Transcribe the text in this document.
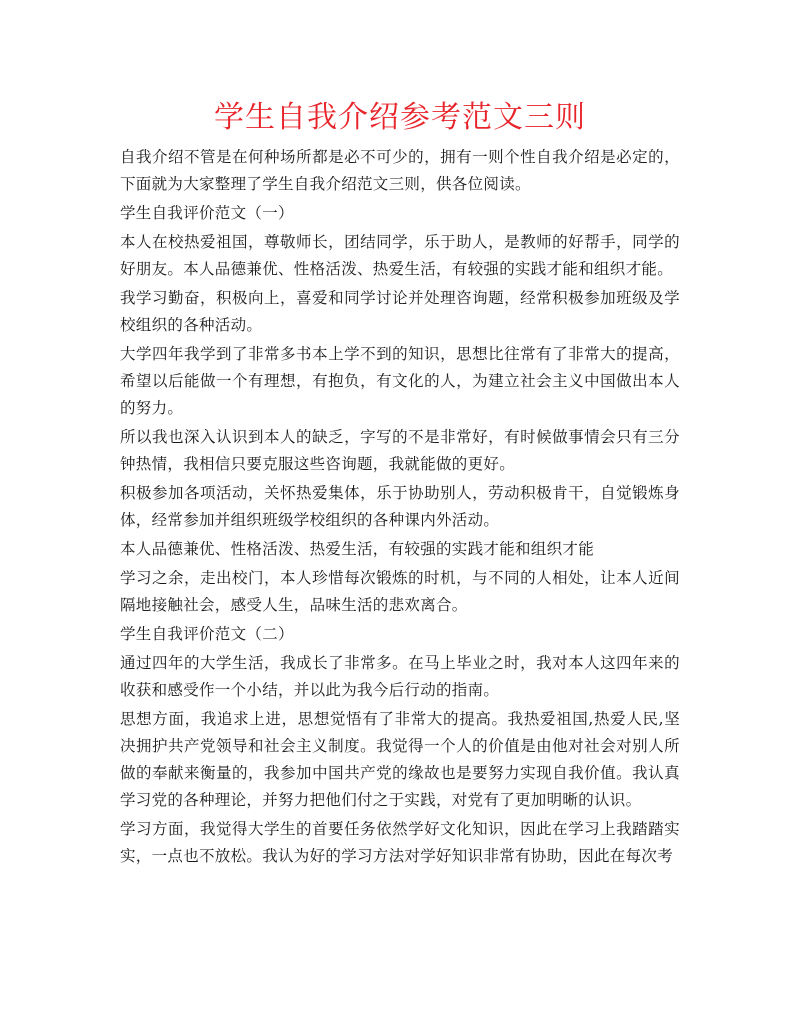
学生自我介绍参考范文三则

自我介绍不管是在何种场所都是必不可少的，拥有一则个性自我介绍是必定的，下面就为大家整理了学生自我介绍范文三则，供各位阅读。

学生自我评价范文（一）

本人在校热爱祖国，尊敬师长，团结同学，乐于助人，是教师的好帮手，同学的好朋友。本人品德兼优、性格活泼、热爱生活，有较强的实践才能和组织才能。

我学习勤奋，积极向上，喜爱和同学讨论并处理咨询题，经常积极参加班级及学校组织的各种活动。

大学四年我学到了非常多书本上学不到的知识，思想比往常有了非常大的提高，希望以后能做一个有理想，有抱负，有文化的人，为建立社会主义中国做出本人的努力。

所以我也深入认识到本人的缺乏，字写的不是非常好，有时候做事情会只有三分钟热情，我相信只要克服这些咨询题，我就能做的更好。

积极参加各项活动，关怀热爱集体，乐于协助别人，劳动积极肯干，自觉锻炼身体，经常参加并组织班级学校组织的各种课内外活动。

本人品德兼优、性格活泼、热爱生活，有较强的实践才能和组织才能

学习之余，走出校门，本人珍惜每次锻炼的时机，与不同的人相处，让本人近间隔地接触社会，感受人生，品味生活的悲欢离合。

学生自我评价范文（二）

通过四年的大学生活，我成长了非常多。在马上毕业之时，我对本人这四年来的收获和感受作一个小结，并以此为我今后行动的指南。

思想方面，我追求上进，思想觉悟有了非常大的提高。我热爱祖国,热爱人民,坚决拥护共产党领导和社会主义制度。我觉得一个人的价值是由他对社会对别人所做的奉献来衡量的，我参加中国共产党的缘故也是要努力实现自我价值。我认真学习党的各种理论，并努力把他们付之于实践，对党有了更加明晰的认识。

学习方面，我觉得大学生的首要任务依然学好文化知识，因此在学习上我踏踏实实，一点也不放松。我认为好的学习方法对学好知识非常有协助，因此在每次考
